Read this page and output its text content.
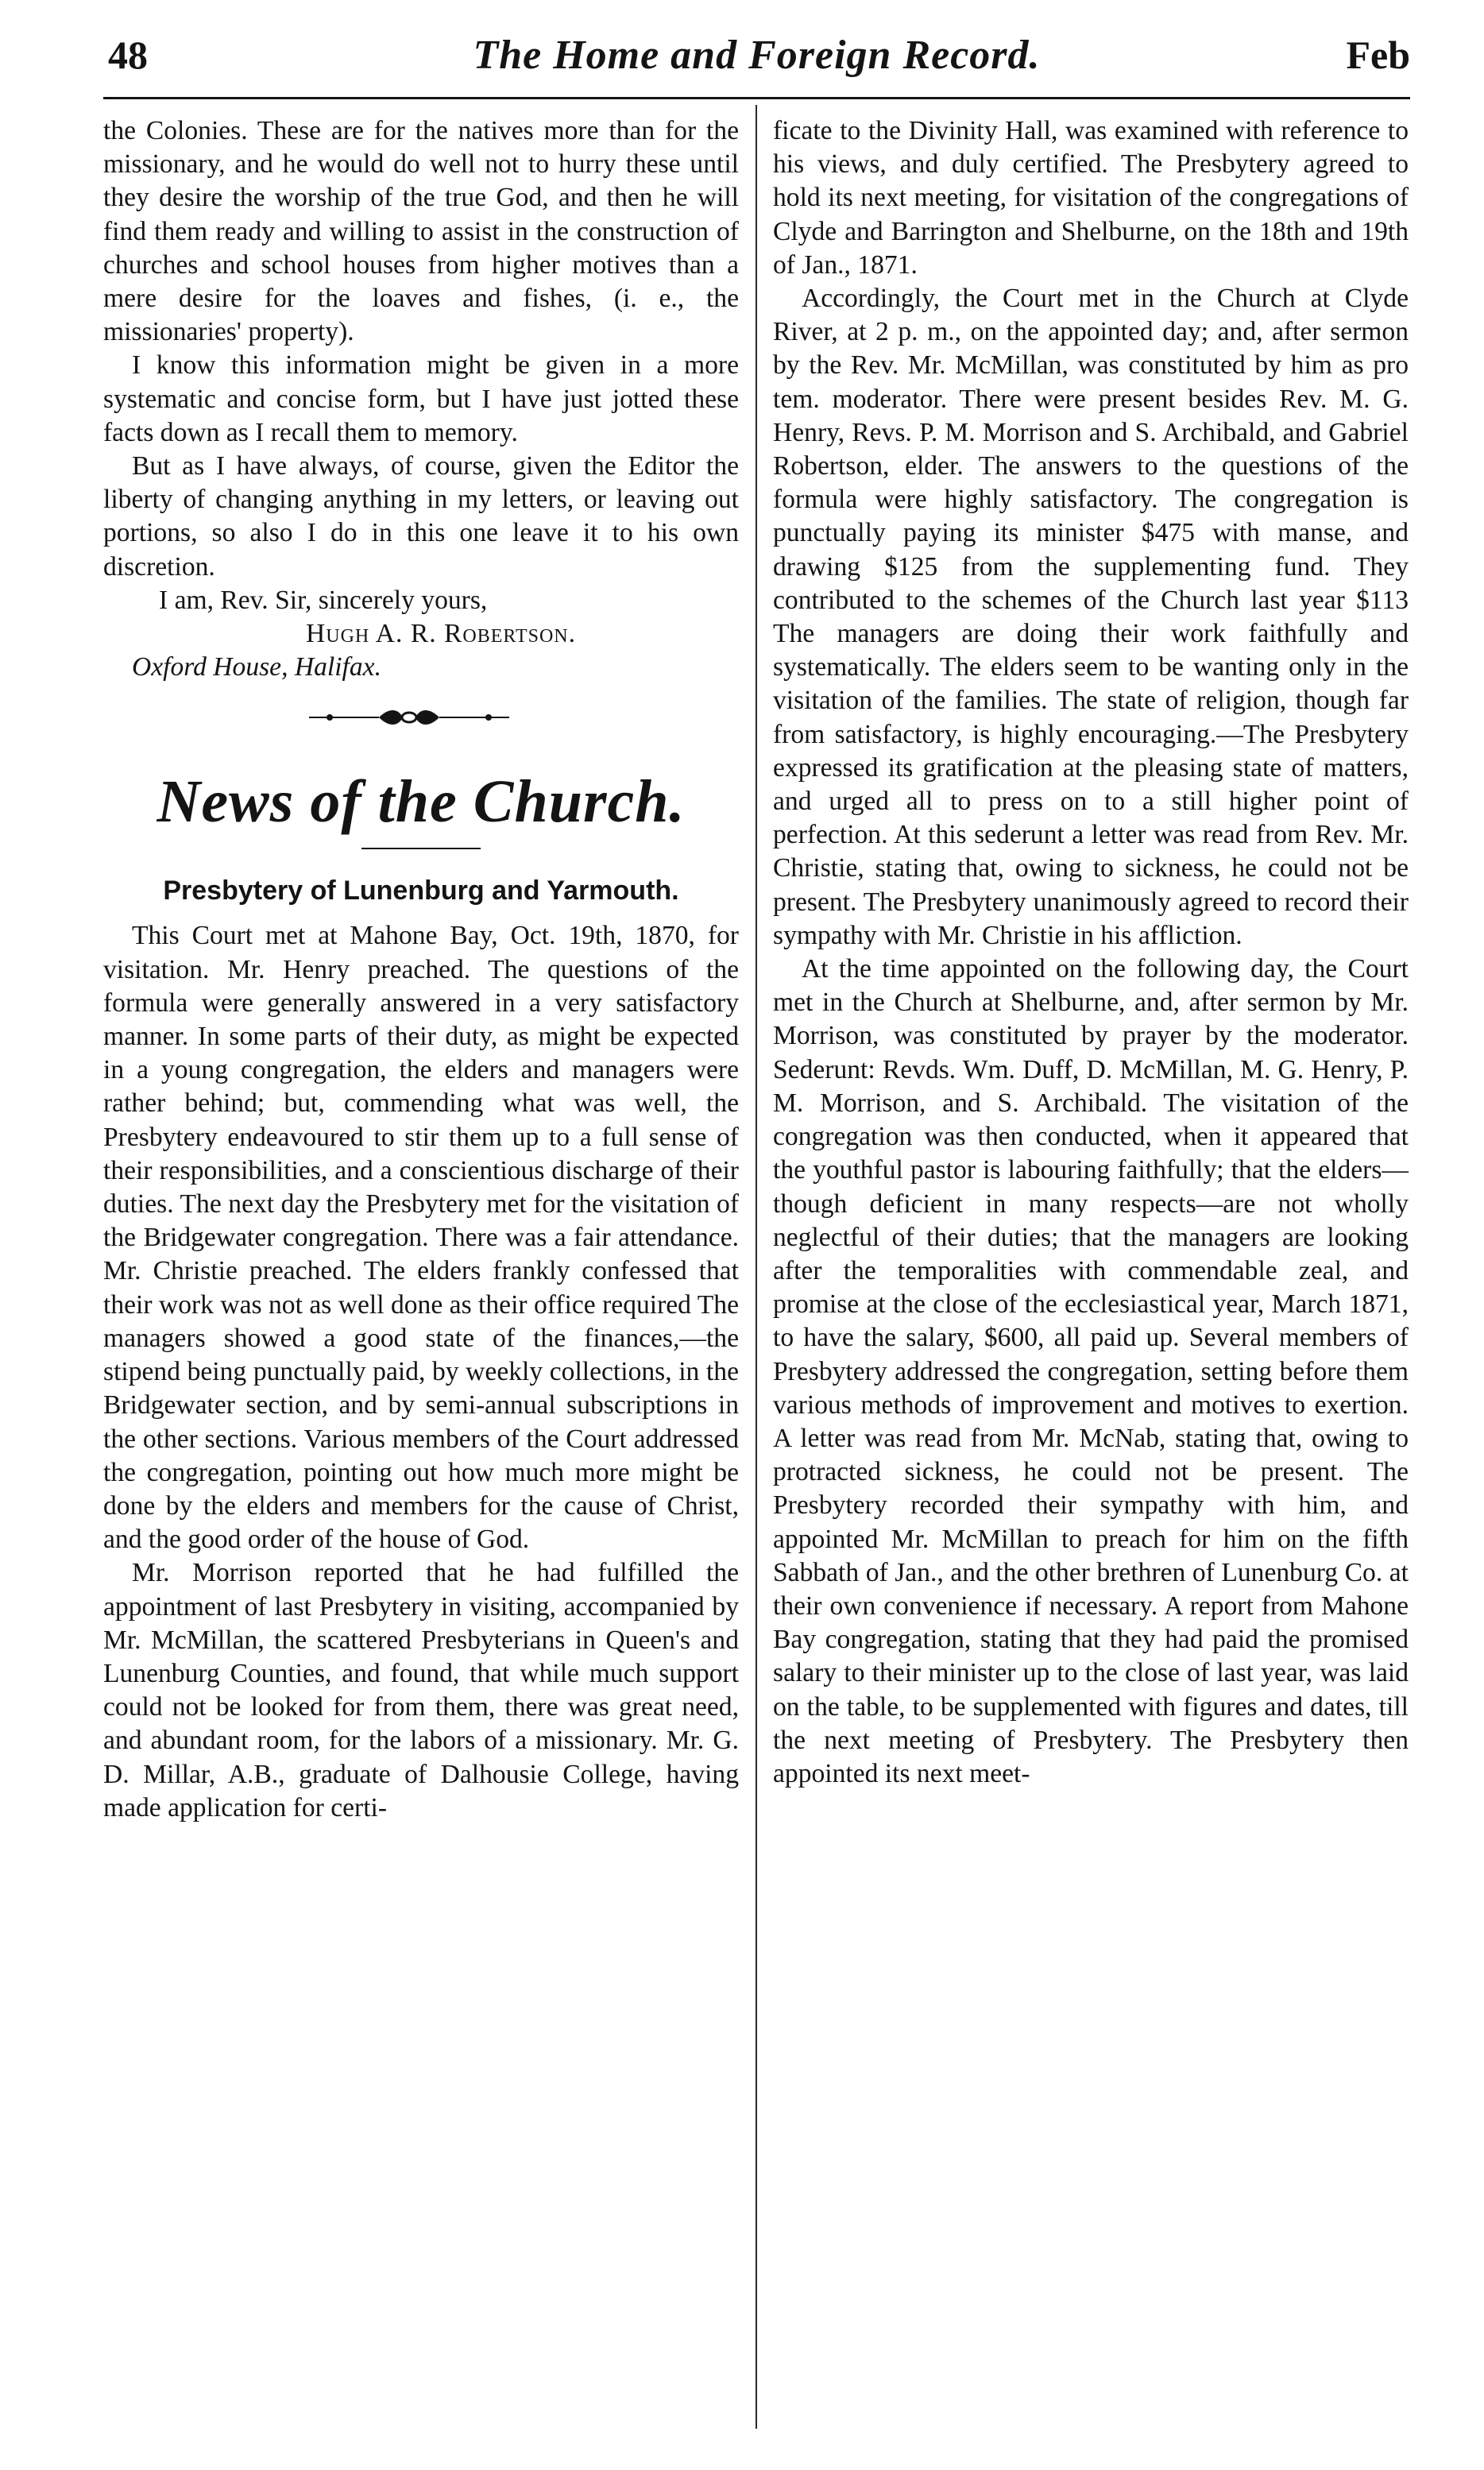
48	The Home and Foreign Record.	Feb

the Colonies. These are for the natives more than for the missionary, and he would do well not to hurry these until they desire the worship of the true God, and then he will find them ready and willing to assist in the construction of churches and school houses from higher motives than a mere desire for the loaves and fishes, (i. e., the missionaries' property).

I know this information might be given in a more systematic and concise form, but I have just jotted these facts down as I recall them to memory.

But as I have always, of course, given the Editor the liberty of changing anything in my letters, or leaving out portions, so also I do in this one leave it to his own discretion.

I am, Rev. Sir, sincerely yours,
Hugh A. R. Robertson.
Oxford House, Halifax.
News of the Church.
Presbytery of Lunenburg and Yarmouth.

This Court met at Mahone Bay, Oct. 19th, 1870, for visitation. Mr. Henry preached. The questions of the formula were generally answered in a very satisfactory manner. In some parts of their duty, as might be expected in a young congregation, the elders and managers were rather behind; but, commending what was well, the Presbytery endeavoured to stir them up to a full sense of their responsibilities, and a conscientious discharge of their duties. The next day the Presbytery met for the visitation of the Bridgewater congregation. There was a fair attendance. Mr. Christie preached. The elders frankly confessed that their work was not as well done as their office required The managers showed a good state of the finances,—the stipend being punctually paid, by weekly collections, in the Bridgewater section, and by semi-annual subscriptions in the other sections. Various members of the Court addressed the congregation, pointing out how much more might be done by the elders and members for the cause of Christ, and the good order of the house of God.

Mr. Morrison reported that he had fulfilled the appointment of last Presbytery in visiting, accompanied by Mr. McMillan, the scattered Presbyterians in Queen's and Lunenburg Counties, and found, that while much support could not be looked for from them, there was great need, and abundant room, for the labors of a missionary. Mr. G. D. Millar, A.B., graduate of Dalhousie College, having made application for certi-

ficate to the Divinity Hall, was examined with reference to his views, and duly certified. The Presbytery agreed to hold its next meeting, for visitation of the congregations of Clyde and Barrington and Shelburne, on the 18th and 19th of Jan., 1871.

Accordingly, the Court met in the Church at Clyde River, at 2 p. m., on the appointed day; and, after sermon by the Rev. Mr. McMillan, was constituted by him as pro tem. moderator. There were present besides Rev. M. G. Henry, Revs. P. M. Morrison and S. Archibald, and Gabriel Robertson, elder. The answers to the questions of the formula were highly satisfactory. The congregation is punctually paying its minister $475 with manse, and drawing $125 from the supplementing fund. They contributed to the schemes of the Church last year $113 The managers are doing their work faithfully and systematically. The elders seem to be wanting only in the visitation of the families. The state of religion, though far from satisfactory, is highly encouraging.—The Presbytery expressed its gratification at the pleasing state of matters, and urged all to press on to a still higher point of perfection. At this sederunt a letter was read from Rev. Mr. Christie, stating that, owing to sickness, he could not be present. The Presbytery unanimously agreed to record their sympathy with Mr. Christie in his affliction.

At the time appointed on the following day, the Court met in the Church at Shelburne, and, after sermon by Mr. Morrison, was constituted by prayer by the moderator. Sederunt: Revds. Wm. Duff, D. McMillan, M. G. Henry, P. M. Morrison, and S. Archibald. The visitation of the congregation was then conducted, when it appeared that the youthful pastor is labouring faithfully; that the elders—though deficient in many respects—are not wholly neglectful of their duties; that the managers are looking after the temporalities with commendable zeal, and promise at the close of the ecclesiastical year, March 1871, to have the salary, $600, all paid up. Several members of Presbytery addressed the congregation, setting before them various methods of improvement and motives to exertion. A letter was read from Mr. McNab, stating that, owing to protracted sickness, he could not be present. The Presbytery recorded their sympathy with him, and appointed Mr. McMillan to preach for him on the fifth Sabbath of Jan., and the other brethren of Lunenburg Co. at their own convenience if necessary. A report from Mahone Bay congregation, stating that they had paid the promised salary to their minister up to the close of last year, was laid on the table, to be supplemented with figures and dates, till the next meeting of Presbytery. The Presbytery then appointed its next meet-
